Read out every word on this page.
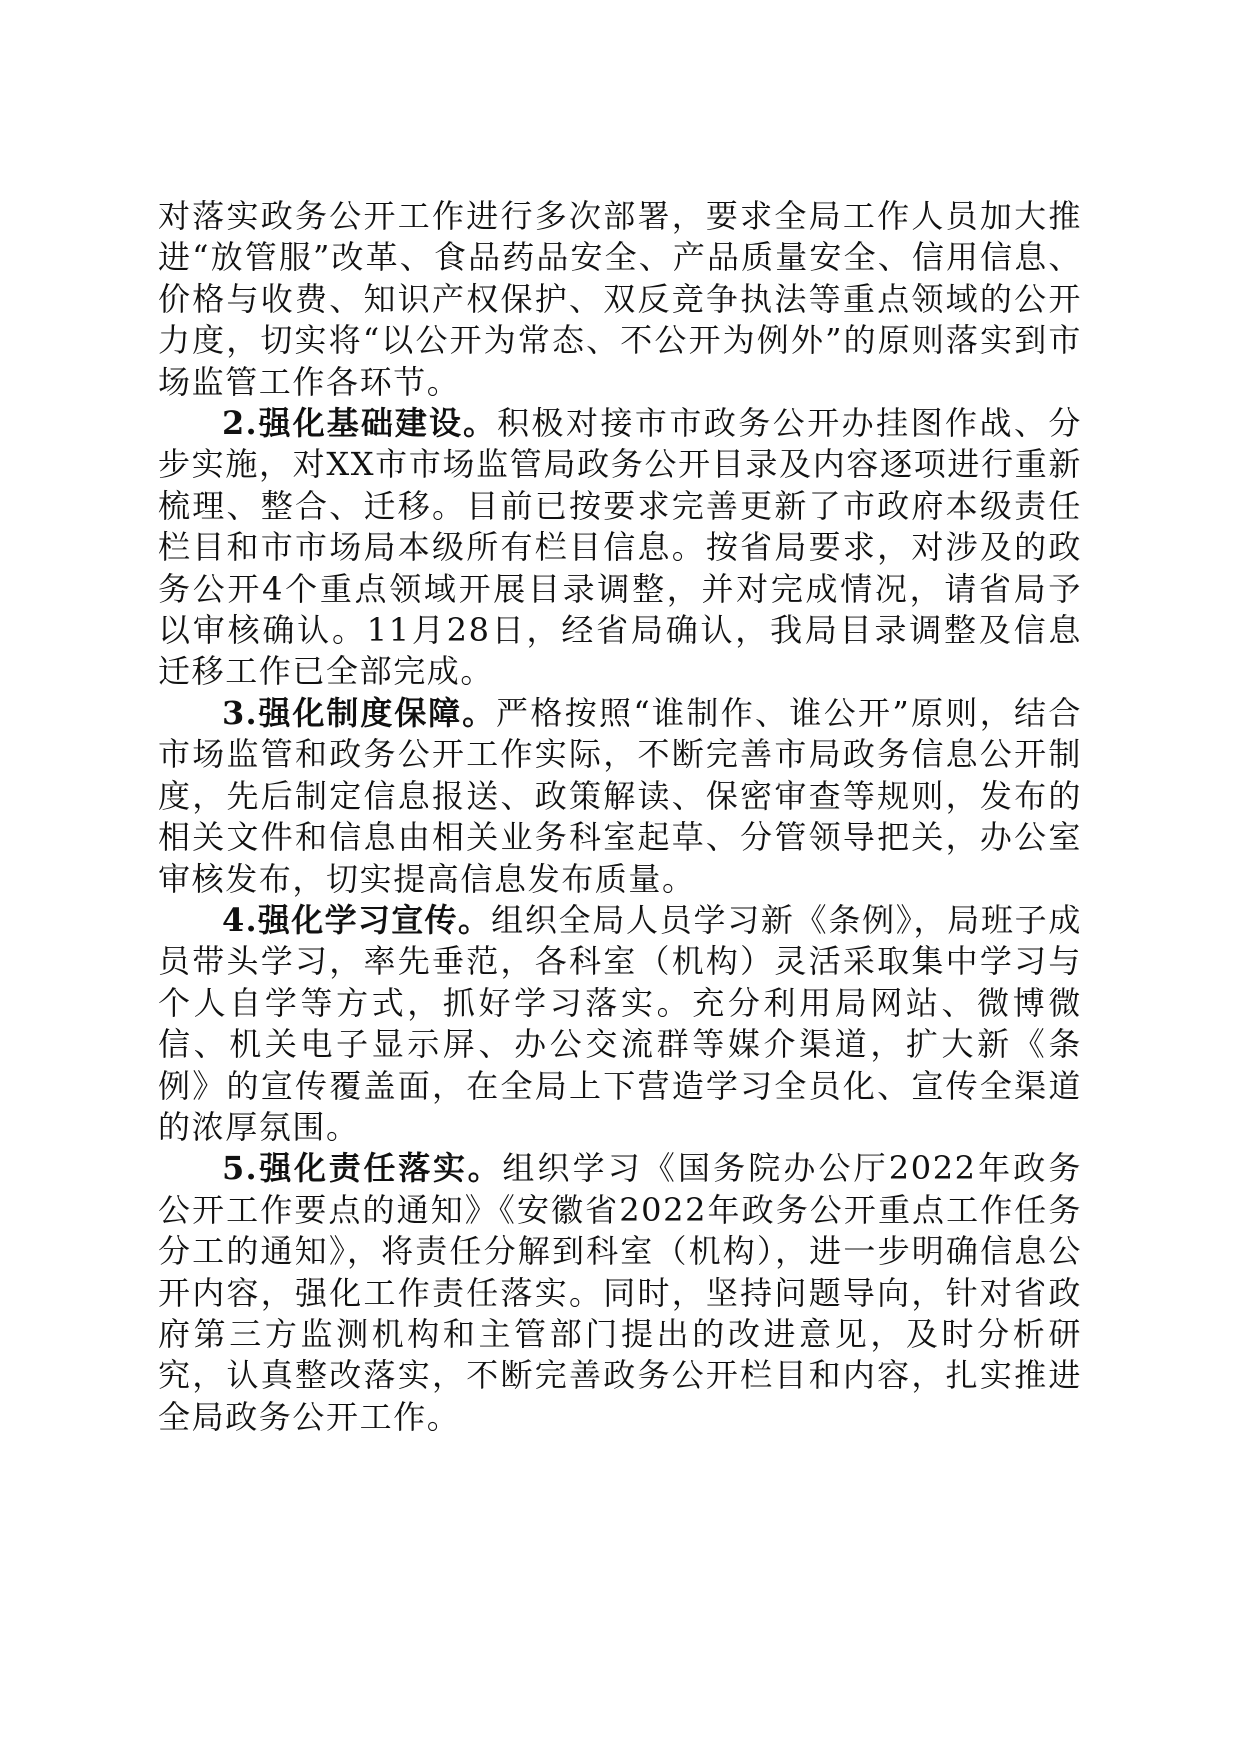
对落实政务公开工作进行多次部署，要求全局工作人员加大推进“放管服”改革、食品药品安全、产品质量安全、信用信息、价格与收费、知识产权保护、双反竞争执法等重点领域的公开力度，切实将“以公开为常态、不公开为例外”的原则落实到市场监管工作各环节。

2.强化基础建设。积极对接市市政务公开办挂图作战、分步实施，对XX市市场监管局政务公开目录及内容逐项进行重新梳理、整合、迁移。目前已按要求完善更新了市政府本级责任栏目和市市场局本级所有栏目信息。按省局要求，对涉及的政务公开4个重点领域开展目录调整，并对完成情况，请省局予以审核确认。11月28日，经省局确认，我局目录调整及信息迁移工作已全部完成。

3.强化制度保障。严格按照“谁制作、谁公开”原则，结合市场监管和政务公开工作实际，不断完善市局政务信息公开制度，先后制定信息报送、政策解读、保密审查等规则，发布的相关文件和信息由相关业务科室起草、分管领导把关，办公室审核发布，切实提高信息发布质量。

4.强化学习宣传。组织全局人员学习新《条例》，局班子成员带头学习，率先垂范，各科室（机构）灵活采取集中学习与个人自学等方式，抓好学习落实。充分利用局网站、微博微信、机关电子显示屏、办公交流群等媒介渠道，扩大新《条例》的宣传覆盖面，在全局上下营造学习全员化、宣传全渠道的浓厚氛围。

5.强化责任落实。组织学习《国务院办公厅2022年政务公开工作要点的通知》《安徽省2022年政务公开重点工作任务分工的通知》，将责任分解到科室（机构），进一步明确信息公开内容，强化工作责任落实。同时，坚持问题导向，针对省政府第三方监测机构和主管部门提出的改进意见，及时分析研究，认真整改落实，不断完善政务公开栏目和内容，扎实推进全局政务公开工作。
